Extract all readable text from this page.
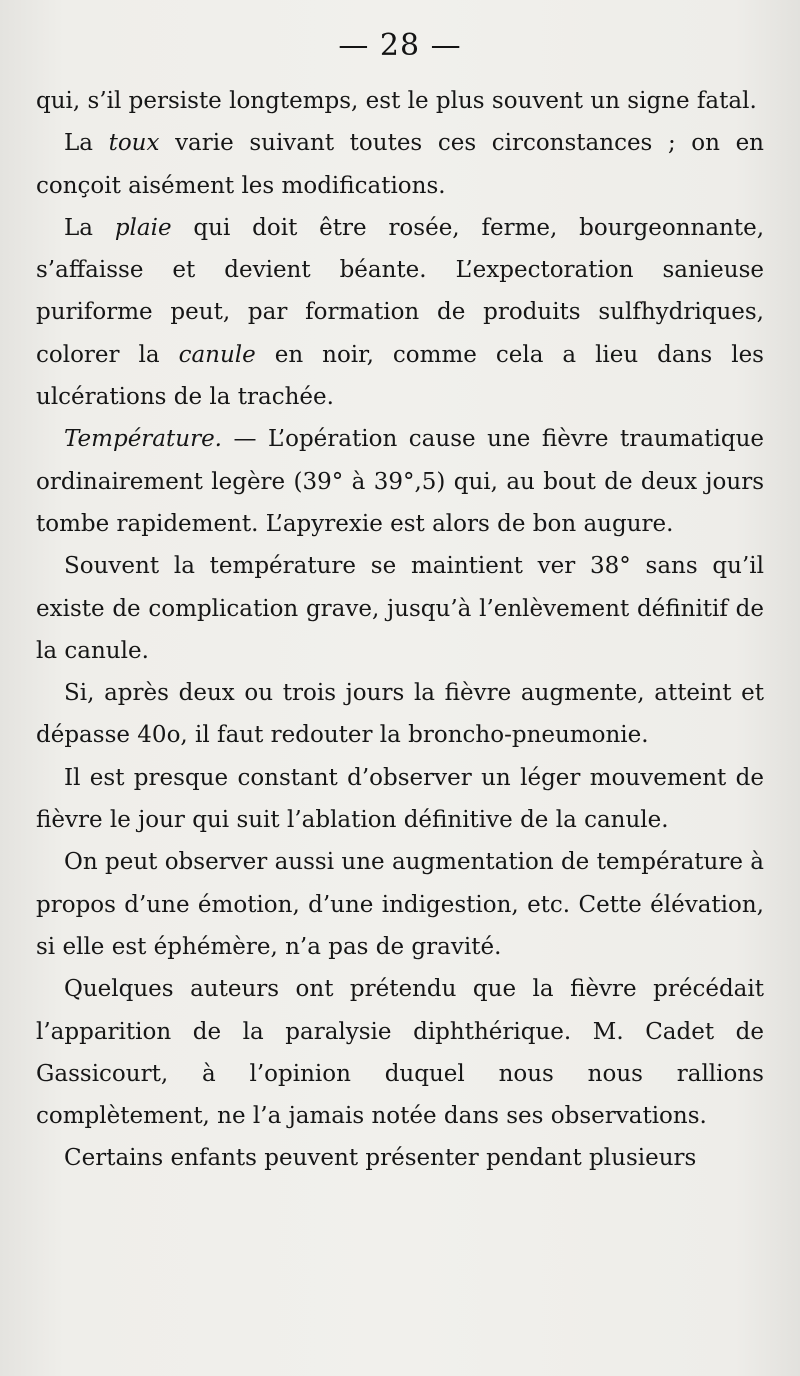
— 28 —

qui, s’il persiste longtemps, est le plus souvent un signe fatal.

La toux varie suivant toutes ces circonstances ; on en conçoit aisément les modifications.

La plaie qui doit être rosée, ferme, bourgeonnante, s’affaisse et devient béante. L’expectoration sanieuse puriforme peut, par formation de produits sulfhydriques, colorer la canule en noir, comme cela a lieu dans les ulcérations de la trachée.

Température. — L’opération cause une fièvre traumatique ordinairement legère (39° à 39°,5) qui, au bout de deux jours tombe rapidement. L’apyrexie est alors de bon augure.

Souvent la température se maintient ver 38° sans qu’il existe de complication grave, jusqu’à l’enlèvement définitif de la canule.

Si, après deux ou trois jours la fièvre augmente, atteint et dépasse 40o, il faut redouter la broncho-pneumonie.

Il est presque constant d’observer un léger mouvement de fièvre le jour qui suit l’ablation définitive de la canule.

On peut observer aussi une augmentation de température à propos d’une émotion, d’une indigestion, etc. Cette élévation, si elle est éphémère, n’a pas de gravité.

Quelques auteurs ont prétendu que la fièvre précédait l’apparition de la paralysie diphthérique. M. Cadet de Gassicourt, à l’opinion duquel nous nous rallions complètement, ne l’a jamais notée dans ses observations.

Certains enfants peuvent présenter pendant plusieurs
